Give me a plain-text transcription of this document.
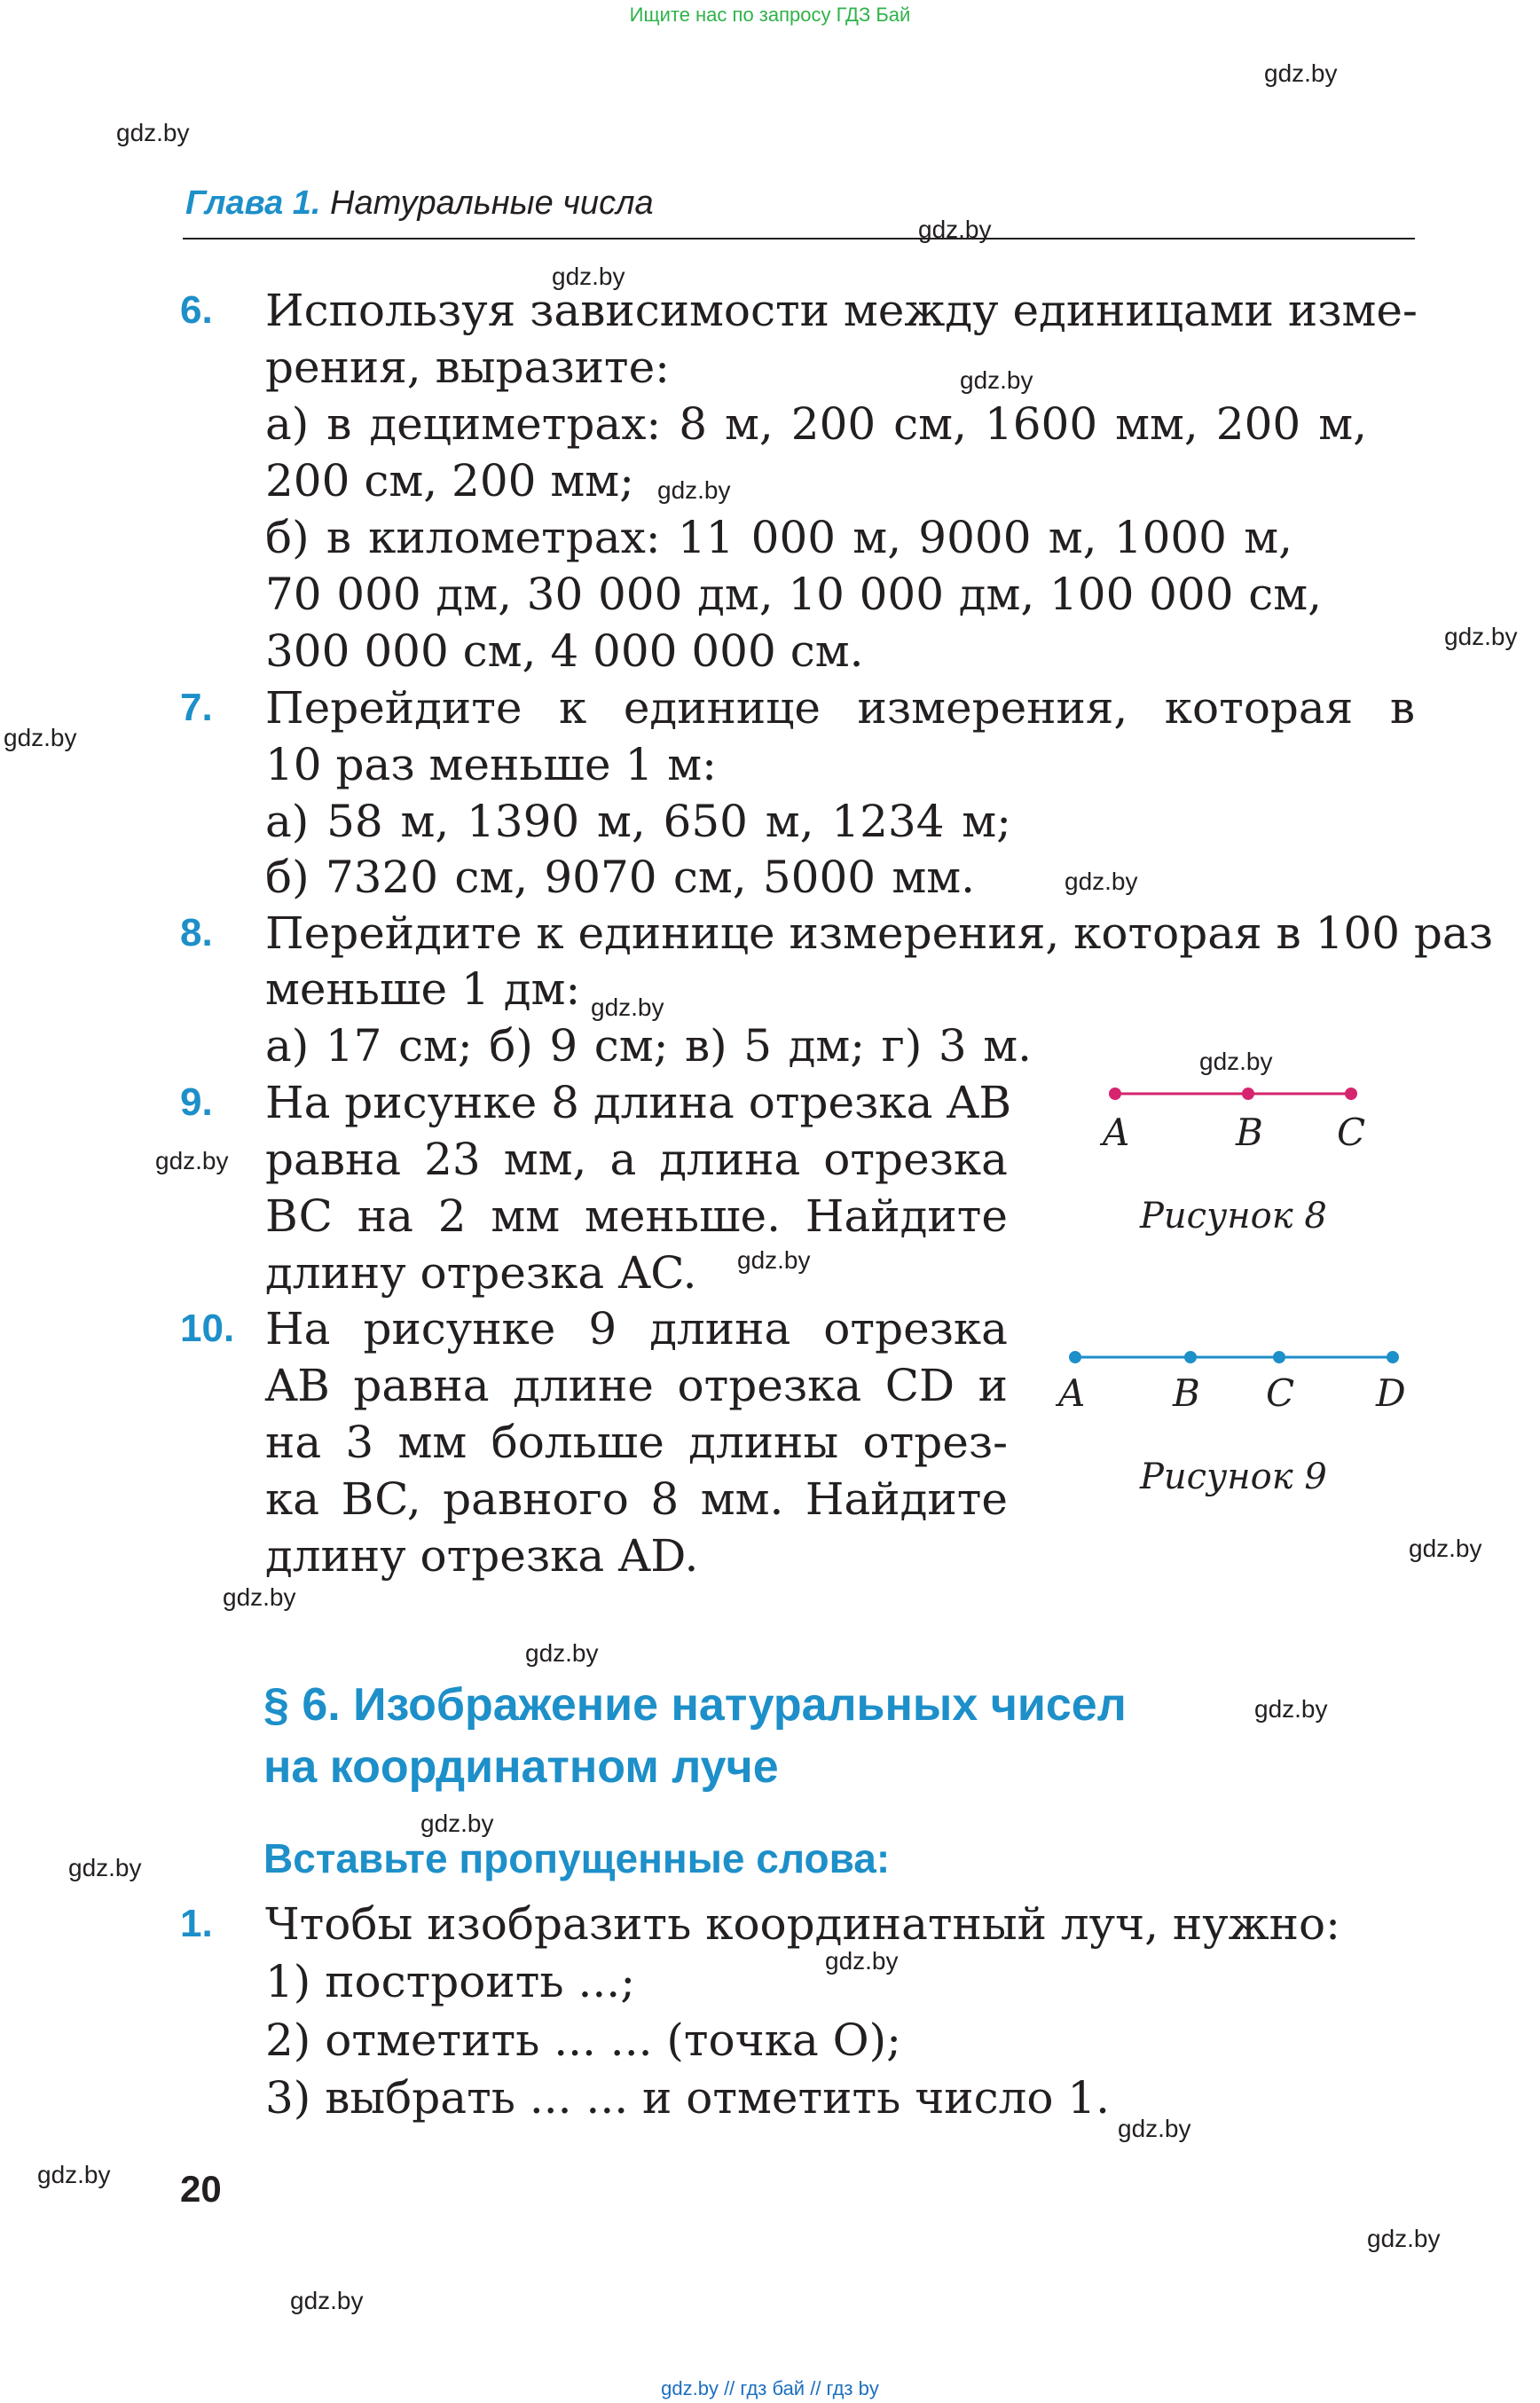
Ищите нас по запросу ГДЗ Бай
gdz.by
gdz.by
Глава 1. Натуральные числа
gdz.by
gdz.by
6. Используя зависимости между единицами изме-
рения, выразите:	gdz.by
а) в дециметрах: 8 м, 200 см, 1600 мм, 200 м,
200 см, 200 мм; gdz.by
б) в километрах: 11 000 м, 9000 м, 1000 м,
70 000 дм, 30 000 дм, 10 000 дм, 100 000 см,
gdz.by
300 000 см, 4 000 000 см.
gdz.by
7. Перейдите к единице измерения, которая в
10 раз меньше 1 м:
а) 58 м, 1390 м, 650 м, 1234 м;
б) 7320 см, 9070 см, 5000 мм.	gdz.by
8. Перейдите к единице измерения, которая в 100 раз
меньше 1 дм: gdz.by
а) 17 см; б) 9 см; в) 5 дм; г) 3 м.	gdz.by
A	B C
Рисунок 8
gdz.by
9. На рисунке 8 длина отрезка AB
равна 23 мм, а длина отрезка
BC на 2 мм меньше. Найдите
длину отрезка AC. gdz.by
10. На рисунке 9 длина отрезка
AB равна длине отрезка CD и
на 3 мм больше длины отрез-
ка BC, равного 8 мм. Найдите
длину отрезка AD.
gdz.by
A B C D
Рисунок 9
gdz.by
gdz.by
gdz.by
§ 6. Изображение натуральных чисел
на координатном луче
gdz.by
Вставьте пропущенные слова:
gdz.by
1. Чтобы изобразить координатный луч, нужно:
gdz.by
1) построить ...;
2) отметить ... ... (точка O);
3) выбрать ... ... и отметить число 1.
gdz.by
gdz.by 20
gdz.by
gdz.by
gdz.by // гдз бай // гдз by
